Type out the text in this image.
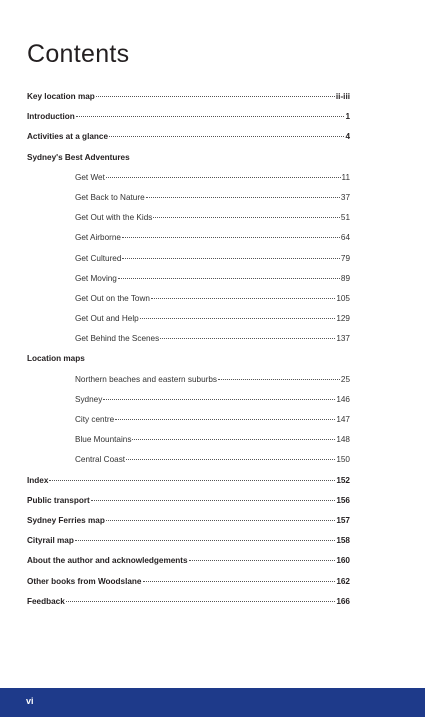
Contents
Key location map	ii-iii
Introduction	1
Activities at a glance	4
Sydney's Best Adventures
Get Wet	11
Get Back to Nature	37
Get Out with the Kids	51
Get Airborne	64
Get Cultured	79
Get Moving	89
Get Out on the Town	105
Get Out and Help	129
Get Behind the Scenes	137
Location maps
Northern beaches and eastern suburbs	25
Sydney	146
City centre	147
Blue Mountains	148
Central Coast	150
Index	152
Public transport	156
Sydney Ferries map	157
Cityrail map	158
About the author and acknowledgements	160
Other books from Woodslane	162
Feedback	166
vi
